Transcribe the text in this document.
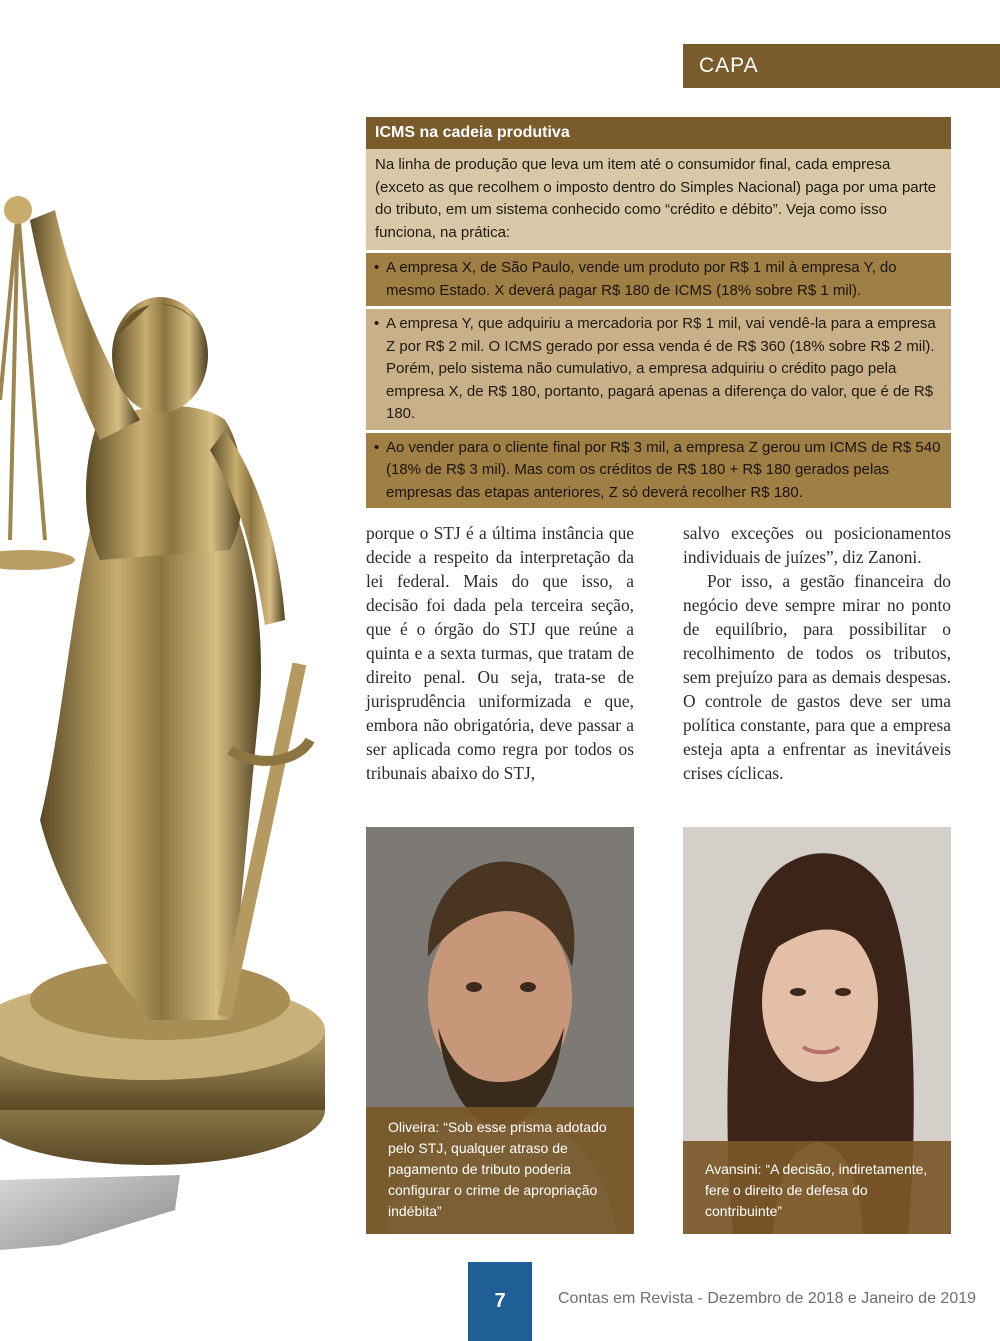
CAPA
ICMS na cadeia produtiva
Na linha de produção que leva um item até o consumidor final, cada empresa (exceto as que recolhem o imposto dentro do Simples Nacional) paga por uma parte do tributo, em um sistema conhecido como “crédito e débito”. Veja como isso funciona, na prática:
• A empresa X, de São Paulo, vende um produto por R$ 1 mil à empresa Y, do mesmo Estado. X deverá pagar R$ 180 de ICMS (18% sobre R$ 1 mil).
• A empresa Y, que adquiriu a mercadoria por R$ 1 mil, vai vendê-la para a empresa Z por R$ 2 mil. O ICMS gerado por essa venda é de R$ 360 (18% sobre R$ 2 mil). Porém, pelo sistema não cumulativo, a empresa adquiriu o crédito pago pela empresa X, de R$ 180, portanto, pagará apenas a diferença do valor, que é de R$ 180.
• Ao vender para o cliente final por R$ 3 mil, a empresa Z gerou um ICMS de R$ 540 (18% de R$ 3 mil). Mas com os créditos de R$ 180 + R$ 180 gerados pelas empresas das etapas anteriores, Z só deverá recolher R$ 180.

porque o STJ é a última instância que decide a respeito da interpretação da lei federal. Mais do que isso, a decisão foi dada pela terceira seção, que é o órgão do STJ que reúne a quinta e a sexta turmas, que tratam de direito penal. Ou seja, trata-se de jurisprudência uniformizada e que, embora não obrigatória, deve passar a ser aplicada como regra por todos os tribunais abaixo do STJ,

salvo exceções ou posicionamentos individuais de juízes”, diz Zanoni.

Por isso, a gestão financeira do negócio deve sempre mirar no ponto de equilíbrio, para possibilitar o recolhimento de todos os tributos, sem prejuízo para as demais despesas. O controle de gastos deve ser uma política constante, para que a empresa esteja apta a enfrentar as inevitáveis crises cíclicas.

Oliveira: “Sob esse prisma adotado pelo STJ, qualquer atraso de pagamento de tributo poderia configurar o crime de apropriação indébita”
Avansini: “A decisão, indiretamente, fere o direito de defesa do contribuinte”
7	Contas em Revista - Dezembro de 2018 e Janeiro de 2019
